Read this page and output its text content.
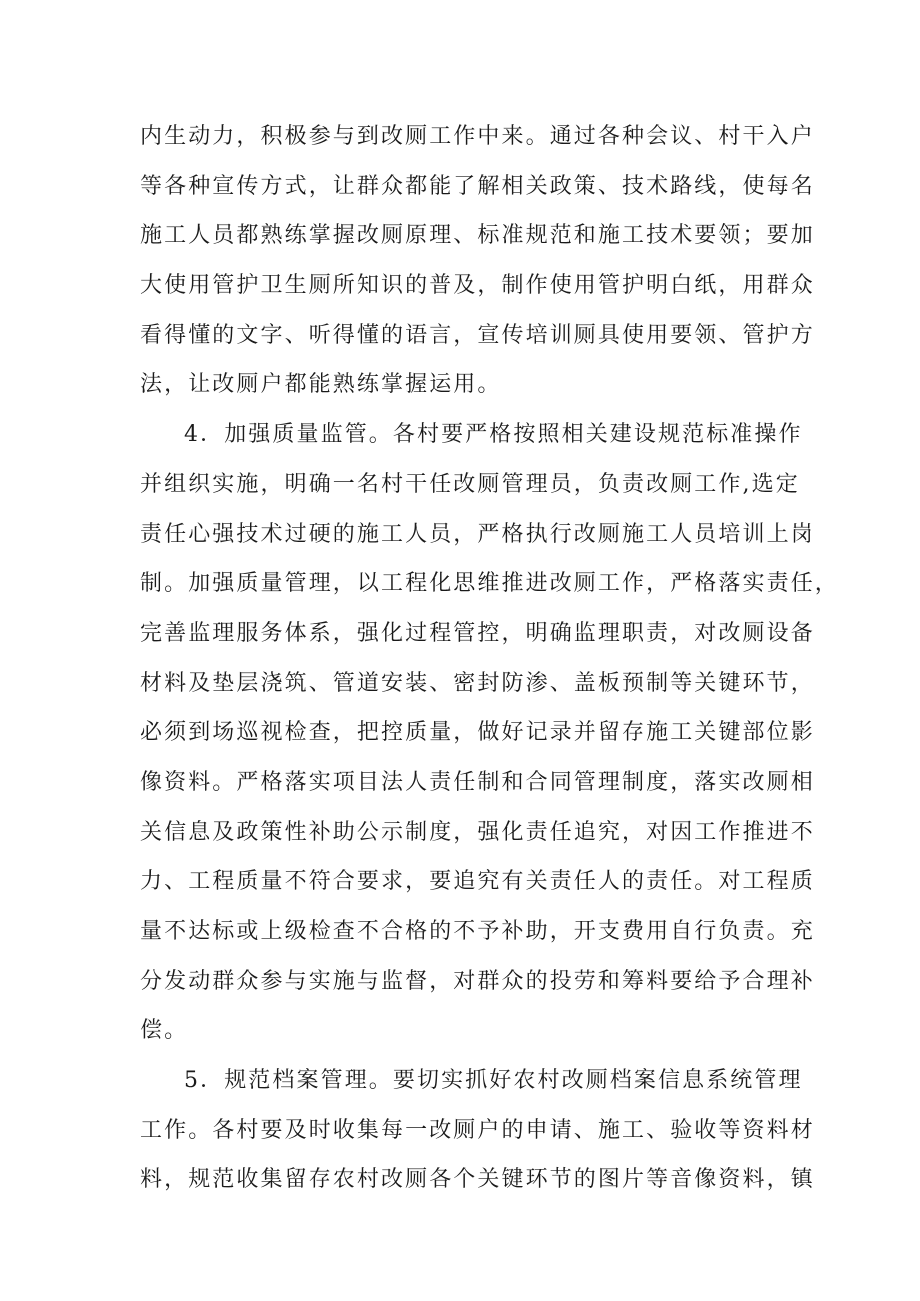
内生动力，积极参与到改厕工作中来。通过各种会议、村干入户
等各种宣传方式，让群众都能了解相关政策、技术路线，使每名
施工人员都熟练掌握改厕原理、标准规范和施工技术要领；要加
大使用管护卫生厕所知识的普及，制作使用管护明白纸，用群众
看得懂的文字、听得懂的语言，宣传培训厕具使用要领、管护方
法，让改厕户都能熟练掌握运用。
4．加强质量监管。各村要严格按照相关建设规范标准操作
并组织实施，明确一名村干任改厕管理员，负责改厕工作,选定
责任心强技术过硬的施工人员，严格执行改厕施工人员培训上岗
制。加强质量管理，以工程化思维推进改厕工作，严格落实责任，
完善监理服务体系，强化过程管控，明确监理职责，对改厕设备
材料及垫层浇筑、管道安装、密封防渗、盖板预制等关键环节，
必须到场巡视检查，把控质量，做好记录并留存施工关键部位影
像资料。严格落实项目法人责任制和合同管理制度，落实改厕相
关信息及政策性补助公示制度，强化责任追究，对因工作推进不
力、工程质量不符合要求，要追究有关责任人的责任。对工程质
量不达标或上级检查不合格的不予补助，开支费用自行负责。充
分发动群众参与实施与监督，对群众的投劳和筹料要给予合理补
偿。
5．规范档案管理。要切实抓好农村改厕档案信息系统管理
工作。各村要及时收集每一改厕户的申请、施工、验收等资料材
料，规范收集留存农村改厕各个关键环节的图片等音像资料，镇
